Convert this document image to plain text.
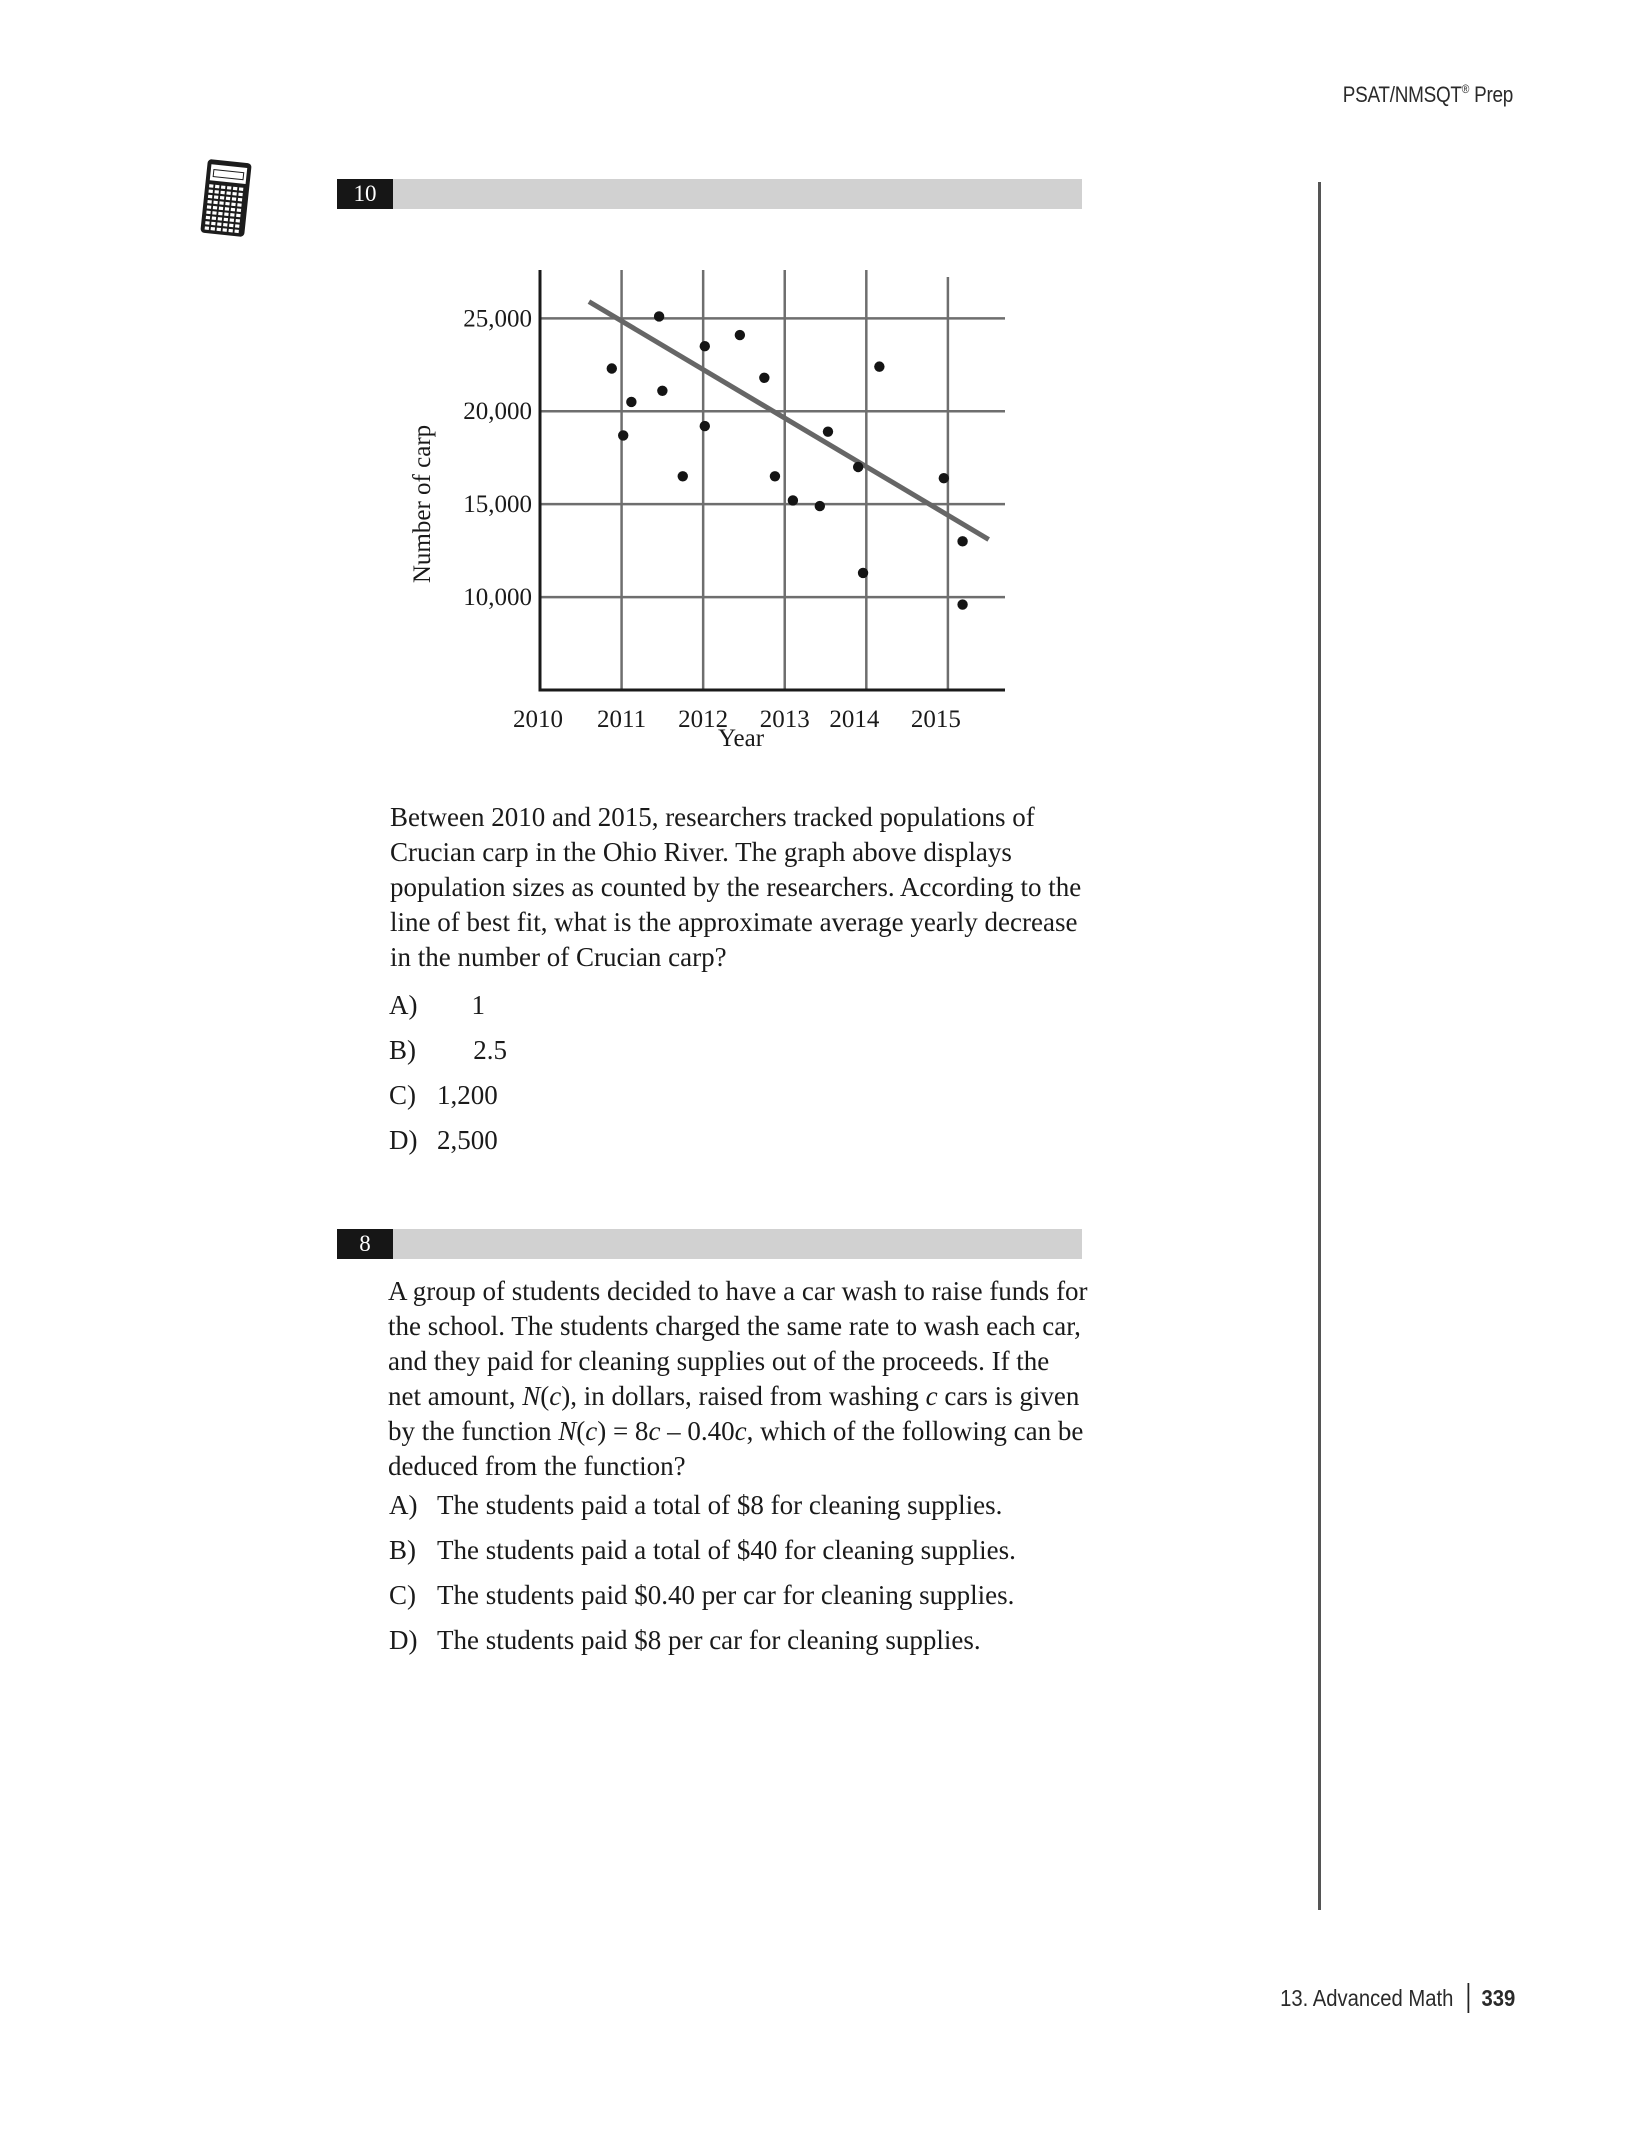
PSAT/NMSQT® Prep
10
10,000
15,000
20,000
25,000
2010 2011 2012 2013 2014 2015
Number of carp
Year
Between 2010 and 2015, researchers tracked populations of Crucian carp in the Ohio River. The graph above displays population sizes as counted by the researchers. According to the line of best fit, what is the approximate average yearly decrease in the number of Crucian carp?
A) 1
B) 2.5
C) 1,200
D) 2,500
8
A group of students decided to have a car wash to raise funds for the school. The students charged the same rate to wash each car, and they paid for cleaning supplies out of the proceeds. If the net amount, N(c), in dollars, raised from washing c cars is given by the function N(c) = 8c – 0.40c, which of the following can be deduced from the function?
A) The students paid a total of $8 for cleaning supplies.
B) The students paid a total of $40 for cleaning supplies.
C) The students paid $0.40 per car for cleaning supplies.
D) The students paid $8 per car for cleaning supplies.
13. Advanced Math 339
